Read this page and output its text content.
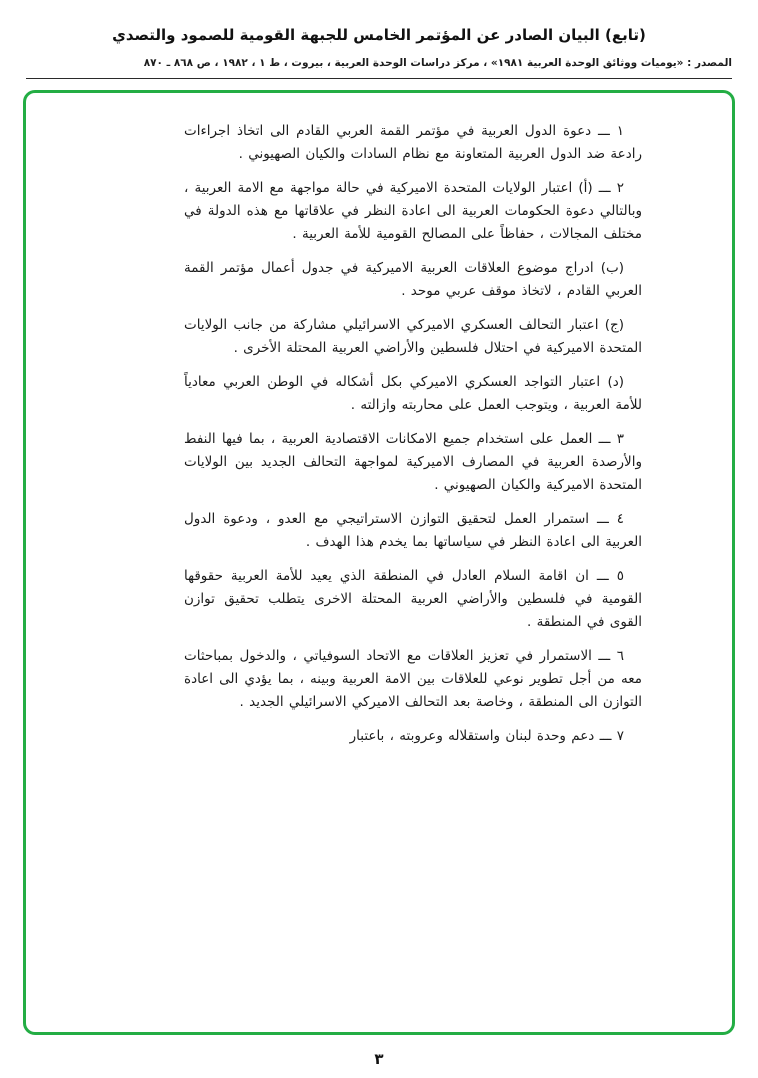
(تابع) البيان الصادر عن المؤتمر الخامس للجبهة القومية للصمود والتصدي
المصدر : «يوميات ووثائق الوحدة العربية ١٩٨١» ، مركز دراسات الوحدة العربية ، بيروت ، ط ١ ، ١٩٨٢ ، ص ٨٦٨ ـ ٨٧٠

١ ـــ دعوة الدول العربية في مؤتمر القمة العربي القادم الى اتخاذ اجراءات رادعة ضد الدول العربية المتعاونة مع نظام السادات والكيان الصهيوني .

٢ ـــ (أ) اعتبار الولايات المتحدة الاميركية في حالة مواجهة مع الامة العربية ، وبالتالي دعوة الحكومات العربية الى اعادة النظر في علاقاتها مع هذه الدولة في مختلف المجالات ، حفاظاً على المصالح القومية للأمة العربية .

(ب) ادراج موضوع العلاقات العربية الاميركية في جدول أعمال مؤتمر القمة العربي القادم ، لاتخاذ موقف عربي موحد .

(ج) اعتبار التحالف العسكري الاميركي الاسرائيلي مشاركة من جانب الولايات المتحدة الاميركية في احتلال فلسطين والأراضي العربية المحتلة الأخرى .

(د) اعتبار التواجد العسكري الاميركي بكل أشكاله في الوطن العربي معادياً للأمة العربية ، ويتوجب العمل على محاربته وازالته .

٣ ـــ العمل على استخدام جميع الامكانات الاقتصادية العربية ، بما فيها النفط والأرصدة العربية في المصارف الاميركية لمواجهة التحالف الجديد بين الولايات المتحدة الاميركية والكيان الصهيوني .

٤ ـــ استمرار العمل لتحقيق التوازن الاستراتيجي مع العدو ، ودعوة الدول العربية الى اعادة النظر في سياساتها بما يخدم هذا الهدف .

٥ ـــ ان اقامة السلام العادل في المنطقة الذي يعيد للأمة العربية حقوقها القومية في فلسطين والأراضي العربية المحتلة الاخرى يتطلب تحقيق توازن القوى في المنطقة .

٦ ـــ الاستمرار في تعزيز العلاقات مع الاتحاد السوفياتي ، والدخول بمباحثات معه من أجل تطوير نوعي للعلاقات بين الامة العربية وبينه ، بما يؤدي الى اعادة التوازن الى المنطقة ، وخاصة بعد التحالف الاميركي الاسرائيلي الجديد .

٧ ـــ دعم وحدة لبنان واستقلاله وعروبته ، باعتبار

٣
